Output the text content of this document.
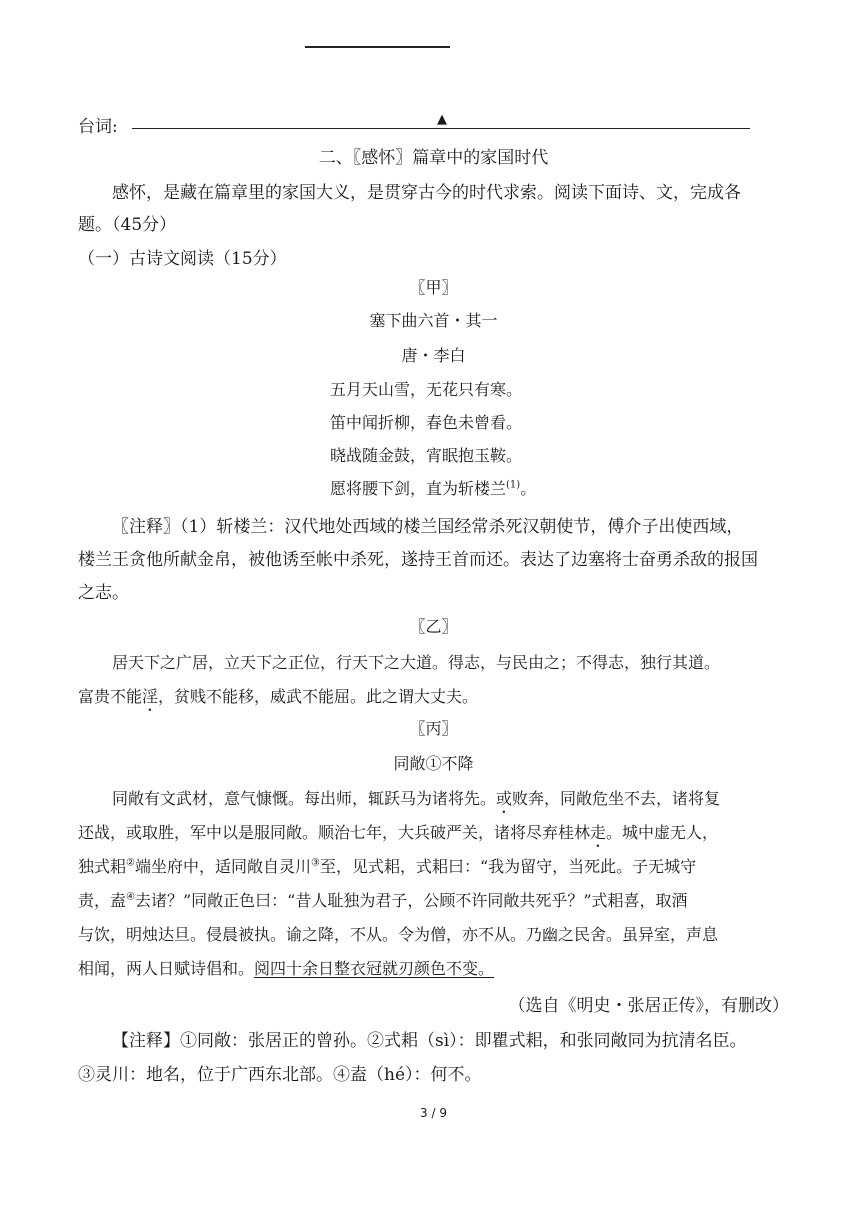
台词:	▲
二、〖感怀〗篇章中的家国时代
感怀，是藏在篇章里的家国大义，是贯穿古今的时代求索。阅读下面诗、文，完成各
题。（45分）
（一）古诗文阅读（15分）
〖甲〗
塞下曲六首・其一
唐・李白
五月天山雪，无花只有寒。
笛中闻折柳，春色未曾看。
晓战随金鼓，宵眠抱玉鞍。
愿将腰下剑，直为斩楼兰$^{(1)}$。
〖注释〗（1）斩楼兰：汉代地处西域的楼兰国经常杀死汉朝使节，傅介子出使西域，
楼兰王贪他所献金帛，被他诱至帐中杀死，遂持王首而还。表达了边塞将士奋勇杀敌的报国
之志。
〖乙〗
居天下之广居，立天下之正位，行天下之大道。得志，与民由之；不得志，独行其道。
富贵不能淫，贫贱不能移，威武不能屈。此之谓大丈夫。
〖丙〗
同敞①不降
同敞有文武材，意气慷慨。每出师，辄跃马为诸将先。或败奔，同敞危坐不去，诸将复
还战，或取胜，军中以是服同敞。顺治七年，大兵破严关，诸将尽弃桂林走。城中虚无人，
独式耜②端坐府中，适同敞自灵川③至，见式耜，式耜曰：“我为留守，当死此。子无城守
责，盍④去诸？”同敞正色曰：“昔人耻独为君子，公顾不许同敞共死乎？”式耜喜，取酒
与饮，明烛达旦。侵晨被执。谕之降，不从。令为僧，亦不从。乃幽之民舍。虽异室，声息
相闻，两人日赋诗倡和。阅四十余日整衣冠就刃颜色不变。
（选自《明史・张居正传》，有删改）
【注释】①同敞：张居正的曾孙。②式耜（sì）：即瞿式耜，和张同敞同为抗清名臣。
③灵川：地名，位于广西东北部。④盍（hé）：何不。
3 / 9
